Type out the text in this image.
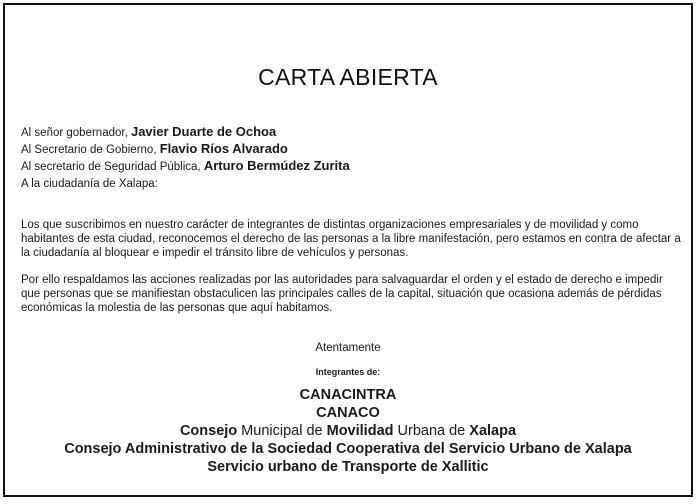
CARTA ABIERTA
Al señor gobernador, Javier Duarte de Ochoa
Al Secretario de Gobierno, Flavio Ríos Alvarado
Al secretario de Seguridad Pública, Arturo Bermúdez Zurita
A la ciudadanía de Xalapa:
Los que suscribimos en nuestro carácter de integrantes de distintas organizaciones empresariales y de movilidad y como habitantes de esta ciudad, reconocemos el derecho de las personas a la libre manifestación, pero estamos en contra de afectar a la ciudadanía al bloquear e impedir el tránsito libre de vehículos y personas.
Por ello respaldamos las acciones realizadas por las autoridades para salvaguardar el orden y el estado de derecho e impedir que personas que se manifiestan obstaculicen las principales calles de la capital, situación que ocasiona además de pérdidas económicas la molestia de las personas que aquí habitamos.
Atentamente
Integrantes de:
CANACINTRA
CANACO
Consejo Municipal de Movilidad Urbana de Xalapa
Consejo Administrativo de la Sociedad Cooperativa del Servicio Urbano de Xalapa
Servicio urbano de Transporte de Xallitic
